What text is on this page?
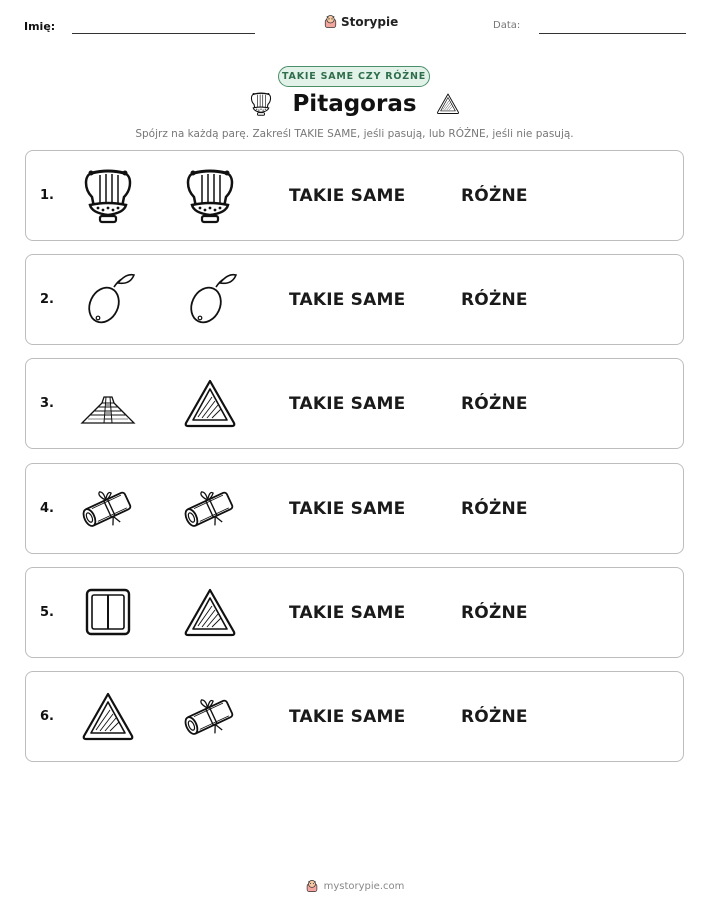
Imię:	Storypie	Data:
TAKIE SAME CZY RÓŻNE
Pitagoras
Spójrz na każdą parę. Zakreśl TAKIE SAME, jeśli pasują, lub RÓŻNE, jeśli nie pasują.
1.	TAKIE SAME	RÓŻNE
2.	TAKIE SAME	RÓŻNE
3.	TAKIE SAME	RÓŻNE
4.	TAKIE SAME	RÓŻNE
5.	TAKIE SAME	RÓŻNE
6.	TAKIE SAME	RÓŻNE
mystorypie.com
